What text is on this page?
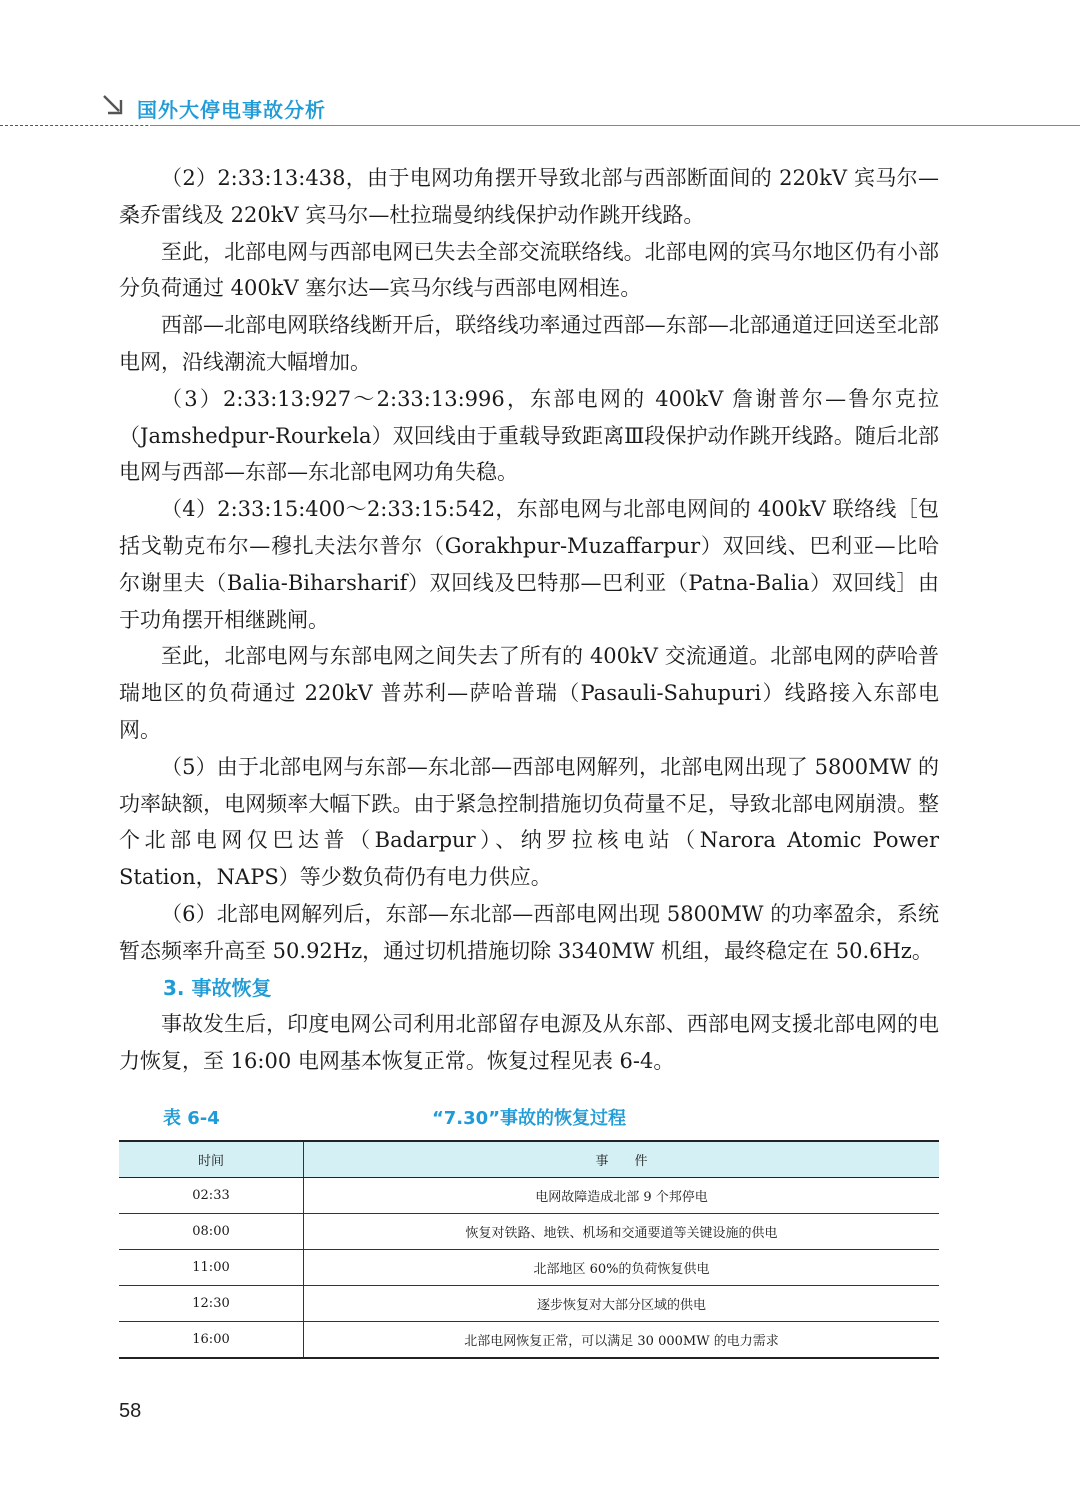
国外大停电事故分析

（2）2:33:13:438，由于电网功角摆开导致北部与西部断面间的 220kV 宾马尔—桑乔雷线及 220kV 宾马尔—杜拉瑞曼纳线保护动作跳开线路。

至此，北部电网与西部电网已失去全部交流联络线。北部电网的宾马尔地区仍有小部分负荷通过 400kV 塞尔达—宾马尔线与西部电网相连。

西部—北部电网联络线断开后，联络线功率通过西部—东部—北部通道迂回送至北部电网，沿线潮流大幅增加。

（3）2:33:13:927～2:33:13:996，东部电网的 400kV 詹谢普尔—鲁尔克拉（Jamshedpur-Rourkela）双回线由于重载导致距离Ⅲ段保护动作跳开线路。随后北部电网与西部—东部—东北部电网功角失稳。

（4）2:33:15:400～2:33:15:542，东部电网与北部电网间的 400kV 联络线［包括戈勒克布尔—穆扎夫法尔普尔（Gorakhpur-Muzaffarpur）双回线、巴利亚—比哈尔谢里夫（Balia-Biharsharif）双回线及巴特那—巴利亚（Patna-Balia）双回线］由于功角摆开相继跳闸。

至此，北部电网与东部电网之间失去了所有的 400kV 交流通道。北部电网的萨哈普瑞地区的负荷通过 220kV 普苏利—萨哈普瑞（Pasauli-Sahupuri）线路接入东部电网。

（5）由于北部电网与东部—东北部—西部电网解列，北部电网出现了 5800MW 的功率缺额，电网频率大幅下跌。由于紧急控制措施切负荷量不足，导致北部电网崩溃。整个北部电网仅巴达普（Badarpur）、纳罗拉核电站（Narora Atomic Power Station，NAPS）等少数负荷仍有电力供应。

（6）北部电网解列后，东部—东北部—西部电网出现 5800MW 的功率盈余，系统暂态频率升高至 50.92Hz，通过切机措施切除 3340MW 机组，最终稳定在 50.6Hz。

3. 事故恢复

事故发生后，印度电网公司利用北部留存电源及从东部、西部电网支援北部电网的电力恢复，至 16:00 电网基本恢复正常。恢复过程见表 6-4。

表 6-4	“7.30”事故的恢复过程
时间	事　　件
02:33	电网故障造成北部 9 个邦停电
08:00	恢复对铁路、地铁、机场和交通要道等关键设施的供电
11:00	北部地区 60%的负荷恢复供电
12:30	逐步恢复对大部分区域的供电
16:00	北部电网恢复正常，可以满足 30 000MW 的电力需求
58
